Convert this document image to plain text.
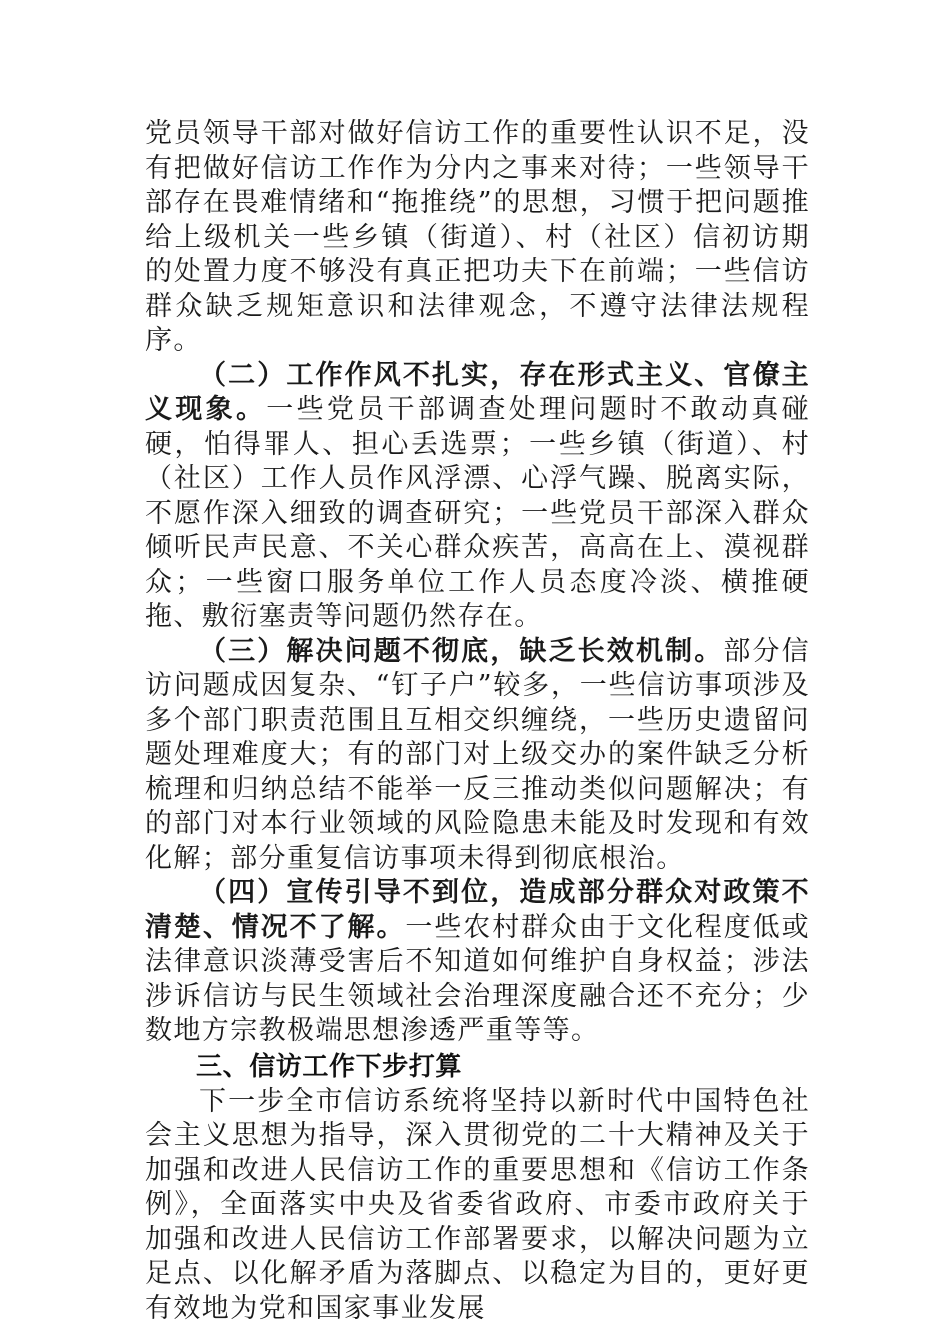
党员领导干部对做好信访工作的重要性认识不足，没有把做好信访工作作为分内之事来对待；一些领导干部存在畏难情绪和“拖推绕”的思想，习惯于把问题推给上级机关一些乡镇（街道）、村（社区）信初访期的处置力度不够没有真正把功夫下在前端；一些信访群众缺乏规矩意识和法律观念，不遵守法律法规程序。

（二）工作作风不扎实，存在形式主义、官僚主义现象。一些党员干部调查处理问题时不敢动真碰硬，怕得罪人、担心丢选票；一些乡镇（街道）、村（社区）工作人员作风浮漂、心浮气躁、脱离实际，不愿作深入细致的调查研究；一些党员干部深入群众倾听民声民意、不关心群众疾苦，高高在上、漠视群众；一些窗口服务单位工作人员态度冷淡、横推硬拖、敷衍塞责等问题仍然存在。

（三）解决问题不彻底，缺乏长效机制。部分信访问题成因复杂、“钉子户”较多，一些信访事项涉及多个部门职责范围且互相交织缠绕，一些历史遗留问题处理难度大；有的部门对上级交办的案件缺乏分析梳理和归纳总结不能举一反三推动类似问题解决；有的部门对本行业领域的风险隐患未能及时发现和有效化解；部分重复信访事项未得到彻底根治。

（四）宣传引导不到位，造成部分群众对政策不清楚、情况不了解。一些农村群众由于文化程度低或法律意识淡薄受害后不知道如何维护自身权益；涉法涉诉信访与民生领域社会治理深度融合还不充分；少数地方宗教极端思想渗透严重等等。

三、信访工作下步打算

下一步全市信访系统将坚持以新时代中国特色社会主义思想为指导，深入贯彻党的二十大精神及关于加强和改进人民信访工作的重要思想和《信访工作条例》，全面落实中央及省委省政府、市委市政府关于加强和改进人民信访工作部署要求，以解决问题为立足点、以化解矛盾为落脚点、以稳定为目的，更好更有效地为党和国家事业发展
